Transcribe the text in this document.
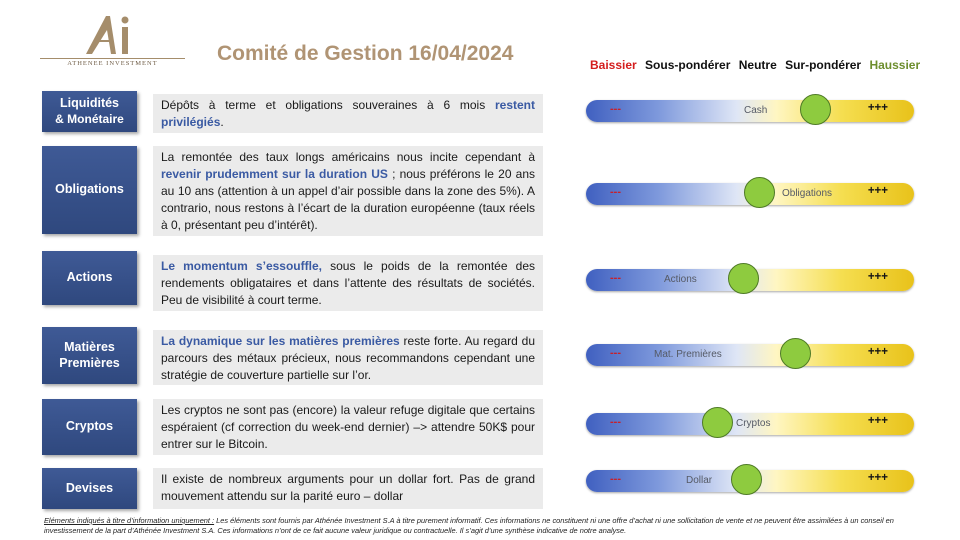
ATHENEE INVESTMENT	Comité de Gestion 16/04/2024	Baissier Sous-pondérer Neutre Sur-pondérer Haussier
Liquidités
& Monétaire
Dépôts à terme et obligations souveraines à 6 mois restent privilégiés.
---	Cash	+++
Obligations
La remontée des taux longs américains nous incite cependant à revenir prudemment sur la duration US ; nous préférons le 20 ans au 10 ans (attention à un appel d’air possible dans la zone des 5%). A contrario, nous restons à l’écart de la duration européenne (taux réels à 0, présentant peu d’intérêt).
---	Obligations	+++
Actions
Le momentum s’essouffle, sous le poids de la remontée des rendements obligataires et dans l’attente des résultats de sociétés. Peu de visibilité à court terme.
---	Actions	+++
Matières
Premières
La dynamique sur les matières premières reste forte. Au regard du parcours des métaux précieux, nous recommandons cependant une stratégie de couverture partielle sur l’or.
---	Mat. Premières	+++
Cryptos
Les cryptos ne sont pas (encore) la valeur refuge digitale que certains espéraient (cf correction du week-end dernier) –> attendre 50K$ pour entrer sur le Bitcoin.
---	Cryptos	+++
Devises
Il existe de nombreux arguments pour un dollar fort. Pas de grand mouvement attendu sur la parité euro – dollar
---	Dollar	+++
Eléments indiqués à titre d’information uniquement : Les éléments sont fournis par Athénée Investment S.A à titre purement informatif. Ces informations ne constituent ni une offre d’achat ni une sollicitation de vente et ne peuvent être assimilées à un conseil en investissement de la part d’Athénée Investment S.A. Ces informations n’ont de ce fait aucune valeur juridique ou contractuelle. Il s’agit d’une synthèse indicative de notre analyse.
